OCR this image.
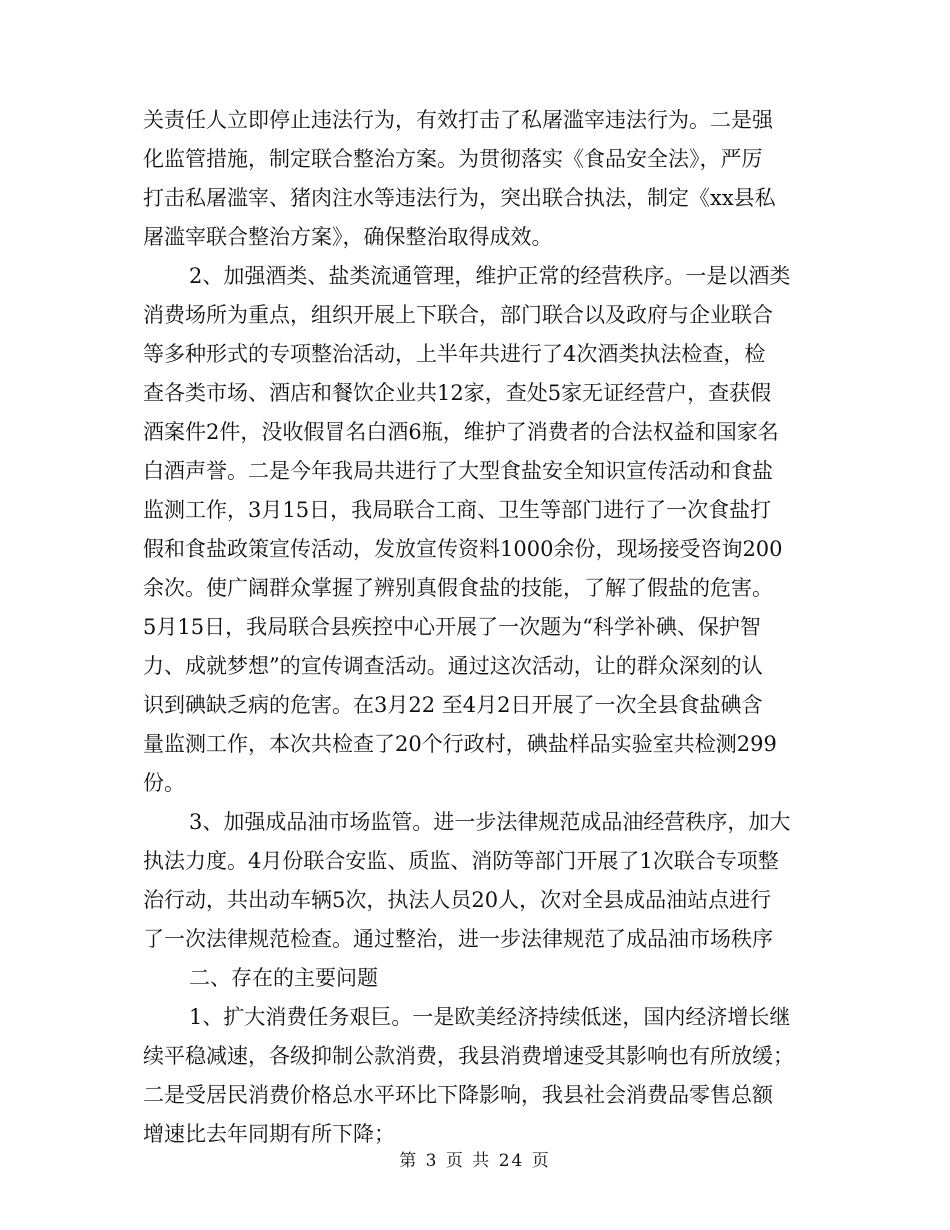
关责任人立即停止违法行为，有效打击了私屠滥宰违法行为。二是强
化监管措施，制定联合整治方案。为贯彻落实《食品安全法》，严厉
打击私屠滥宰、猪肉注水等违法行为，突出联合执法，制定《xx县私
屠滥宰联合整治方案》，确保整治取得成效。
2、加强酒类、盐类流通管理，维护正常的经营秩序。一是以酒类
消费场所为重点，组织开展上下联合，部门联合以及政府与企业联合
等多种形式的专项整治活动，上半年共进行了4次酒类执法检查，检
查各类市场、酒店和餐饮企业共12家，查处5家无证经营户，查获假
酒案件2件，没收假冒名白酒6瓶，维护了消费者的合法权益和国家名
白酒声誉。二是今年我局共进行了大型食盐安全知识宣传活动和食盐
监测工作，3月15日，我局联合工商、卫生等部门进行了一次食盐打
假和食盐政策宣传活动，发放宣传资料1000余份，现场接受咨询200
余次。使广阔群众掌握了辨别真假食盐的技能，了解了假盐的危害。
5月15日，我局联合县疾控中心开展了一次题为“科学补碘、保护智
力、成就梦想”的宣传调查活动。通过这次活动，让的群众深刻的认
识到碘缺乏病的危害。在3月22 至4月2日开展了一次全县食盐碘含
量监测工作，本次共检查了20个行政村，碘盐样品实验室共检测299
份。
3、加强成品油市场监管。进一步法律规范成品油经营秩序，加大
执法力度。4月份联合安监、质监、消防等部门开展了1次联合专项整
治行动，共出动车辆5次，执法人员20人，次对全县成品油站点进行
了一次法律规范检查。通过整治，进一步法律规范了成品油市场秩序
二、存在的主要问题
1、扩大消费任务艰巨。一是欧美经济持续低迷，国内经济增长继
续平稳减速，各级抑制公款消费，我县消费增速受其影响也有所放缓；
二是受居民消费价格总水平环比下降影响，我县社会消费品零售总额
增速比去年同期有所下降；
第 3 页 共 24 页
